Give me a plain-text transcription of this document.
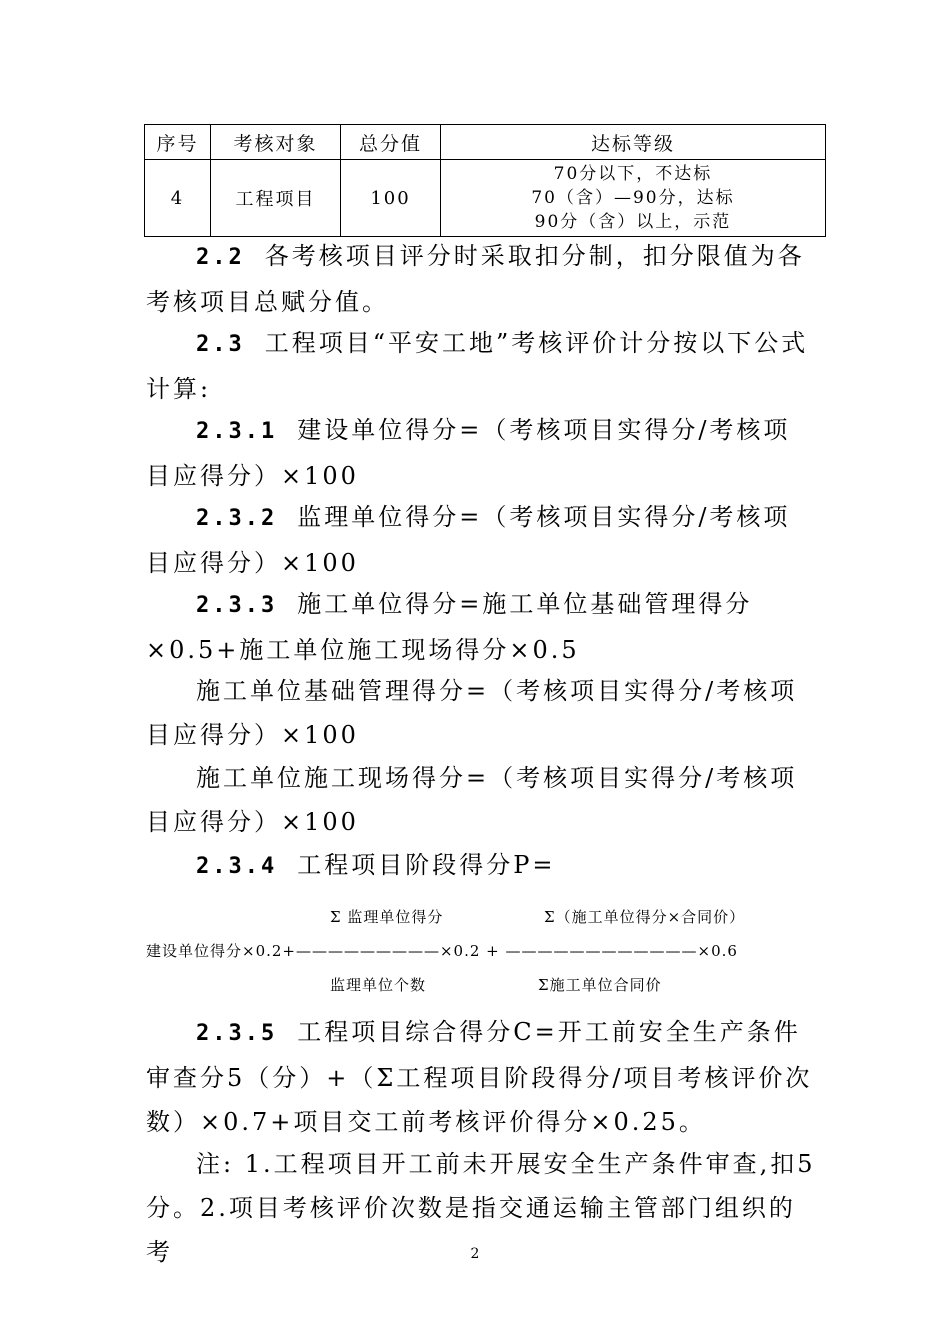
序号	考核对象	总分值	达标等级
4	工程项目	100	70分以下，不达标
70（含）—90分，达标
90分（含）以上，示范

2.2 各考核项目评分时采取扣分制，扣分限值为各考核项目总赋分值。

2.3 工程项目“平安工地”考核评价计分按以下公式计算:

2.3.1 建设单位得分=（考核项目实得分/考核项目应得分）×100

2.3.2 监理单位得分=（考核项目实得分/考核项目应得分）×100

2.3.3 施工单位得分=施工单位基础管理得分×0.5+施工单位施工现场得分×0.5

施工单位基础管理得分=（考核项目实得分/考核项目应得分）×100

施工单位施工现场得分=（考核项目实得分/考核项目应得分）×100

2.3.4 工程项目阶段得分P=

Σ 监理单位得分	Σ（施工单位得分×合同价）
建设单位得分×0.2+—————————×0.2 + ————————————×0.6
监理单位个数	Σ施工单位合同价

2.3.5 工程项目综合得分C=开工前安全生产条件审查分5（分）+（Σ工程项目阶段得分/项目考核评价次数）×0.7+项目交工前考核评价得分×0.25。

注: 1.工程项目开工前未开展安全生产条件审查,扣5分。2.项目考核评价次数是指交通运输主管部门组织的考	2
